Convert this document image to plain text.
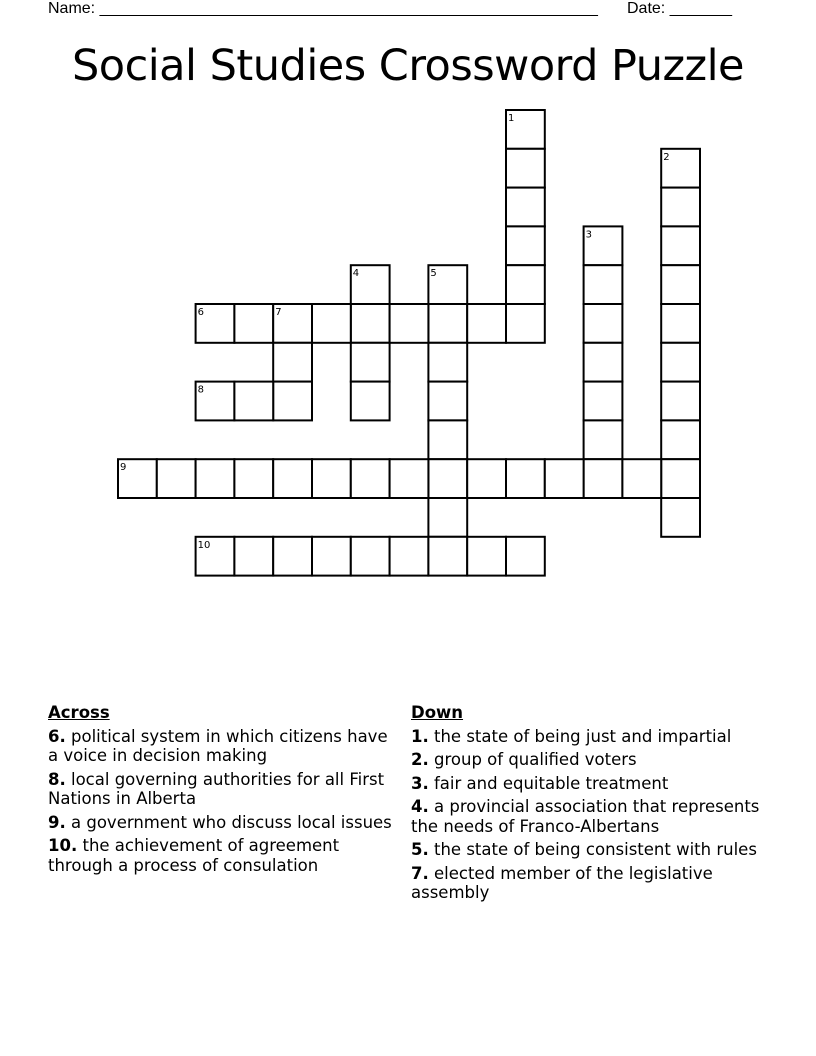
Name: ________________________________________________________ Date: _______
Social Studies Crossword Puzzle
1
2
3
4	5
6	7
8
9
10
Across
6. political system in which citizens have a voice in decision making
8. local governing authorities for all First Nations in Alberta
9. a government who discuss local issues
10. the achievement of agreement through a process of consulation
Down
1. the state of being just and impartial
2. group of qualified voters
3. fair and equitable treatment
4. a provincial association that represents the needs of Franco-Albertans
5. the state of being consistent with rules
7. elected member of the legislative assembly
